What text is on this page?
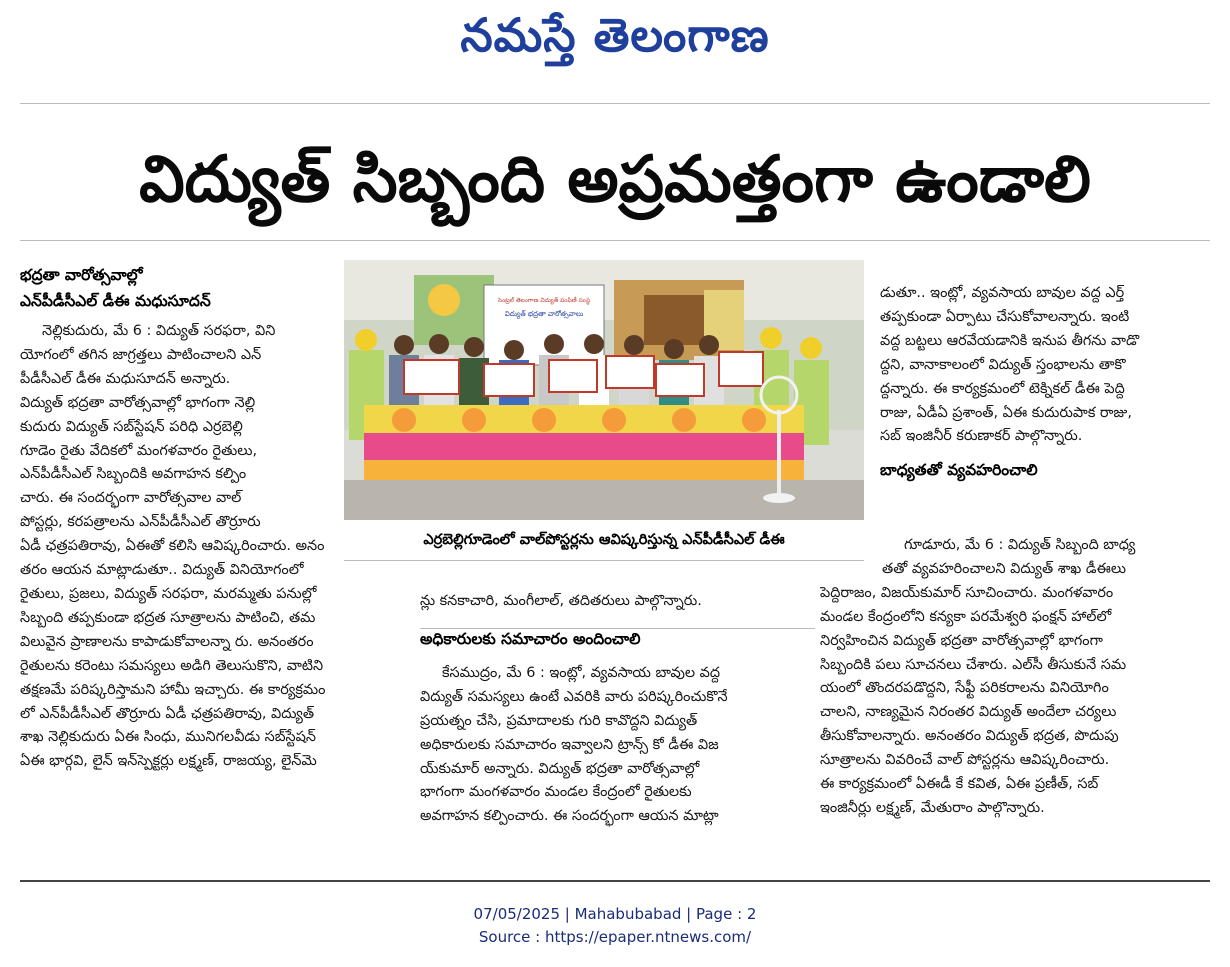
నమస్తే తెలంగాణ
విద్యుత్ సిబ్బంది అప్రమత్తంగా ఉండాలి
భద్రతా వారోత్సవాల్లో
ఎన్‌పీడీసీఎల్ డీఈ మధుసూదన్
నెల్లికుదురు, మే 6 : విద్యుత్ సరఫరా, విని
యోగంలో తగిన జాగ్రత్తలు పాటించాలని ఎన్
పీడీసీఎల్ డీఈ మధుసూదన్ అన్నారు.
విద్యుత్ భద్రతా వారోత్సవాల్లో భాగంగా నెల్లి
కుదురు విద్యుత్ సబ్‌స్టేషన్ పరిధి ఎర్రబెల్లి
గూడెం రైతు వేదికలో మంగళవారం రైతులు,
ఎన్‌పీడీసీఎల్ సిబ్బందికి అవగాహన కల్పిం
చారు. ఈ సందర్భంగా వారోత్సవాల వాల్
పోస్టర్లు, కరపత్రాలను ఎన్‌పీడీసీఎల్ తొర్రూరు
ఏడీ ఛత్రపతిరావు, ఏఈతో కలిసి ఆవిష్కరించారు. అనం
తరం ఆయన మాట్లాడుతూ.. విద్యుత్ వినియోగంలో
రైతులు, ప్రజలు, విద్యుత్ సరఫరా, మరమ్మతు పనుల్లో
సిబ్బంది తప్పకుండా భద్రత సూత్రాలను పాటించి, తమ
విలువైన ప్రాణాలను కాపాడుకోవాలన్నా రు. అనంతరం
రైతులను కరెంటు సమస్యలు అడిగి తెలుసుకొని, వాటిని
తక్షణమే పరిష్కరిస్తామని హామీ ఇచ్చారు. ఈ కార్యక్రమం
లో ఎన్‌పీడీసీఎల్ తొర్రూరు ఏడీ ఛత్రపతిరావు, విద్యుత్
శాఖ నెల్లికుదురు ఏఈ సింధు, మునిగలవీడు సబ్‌స్టేషన్
ఏఈ భార్గవి, లైన్ ఇన్‌స్పెక్టర్లు లక్ష్మణ్, రాజయ్య, లైన్‌మె
సెంట్రల్ తెలంగాణ విద్యుత్ పంపిణీ సంస్థ
విద్యుత్ భద్రతా వారోత్సవాలు
ఎర్రబెల్లిగూడెంలో వాల్‌పోస్టర్లను ఆవిష్కరిస్తున్న ఎన్‌పీడీసీఎల్ డీఈ
న్లు కనకాచారి, మంగీలాల్, తదితరులు పాల్గొన్నారు.
అధికారులకు సమాచారం అందించాలి
కేసముద్రం, మే 6 : ఇంట్లో, వ్యవసాయ బావుల వద్ద
విద్యుత్ సమస్యలు ఉంటే ఎవరికి వారు పరిష్కరించుకొనే
ప్రయత్నం చేసి, ప్రమాదాలకు గురి కావొద్దని విద్యుత్
అధికారులకు సమాచారం ఇవ్వాలని ట్రాన్స్ కో డీఈ విజ
య్‌కుమార్ అన్నారు. విద్యుత్ భద్రతా వారోత్సవాల్లో
భాగంగా మంగళవారం మండల కేంద్రంలో రైతులకు
అవగాహన కల్పించారు. ఈ సందర్భంగా ఆయన మాట్లా
డుతూ.. ఇంట్లో, వ్యవసాయ బావుల వద్ద ఎర్త్
తప్పకుండా ఏర్పాటు చేసుకోవాలన్నారు. ఇంటి
వద్ద బట్టలు ఆరవేయడానికి ఇనుప తీగను వాడొ
ద్దని, వానాకాలంలో విద్యుత్ స్తంభాలను తాకొ
ద్దన్నారు. ఈ కార్యక్రమంలో టెక్నికల్ డీఈ పెద్ది
రాజు, ఏడీఏ ప్రశాంత్, ఏఈ కుదురుపాక రాజు,
సబ్ ఇంజినీర్ కరుణాకర్ పాల్గొన్నారు.
బాధ్యతతో వ్యవహరించాలి
గూడూరు, మే 6 : విద్యుత్ సిబ్బంది బాధ్య
తతో వ్యవహరించాలని విద్యుత్ శాఖ డీఈలు
పెద్దిరాజం, విజయ్‌కుమార్ సూచించారు. మంగళవారం
మండల కేంద్రంలోని కన్యకా పరమేశ్వరి ఫంక్షన్ హాల్‌లో
నిర్వహించిన విద్యుత్ భద్రతా వారోత్సవాల్లో భాగంగా
సిబ్బందికి పలు సూచనలు చేశారు. ఎల్‌సీ తీసుకునే సమ
యంలో తొందరపడొద్దని, సేఫ్టీ పరికరాలను వినియోగిం
చాలని, నాణ్యమైన నిరంతర విద్యుత్ అందేలా చర్యలు
తీసుకోవాలన్నారు. అనంతరం విద్యుత్ భద్రత, పొదుపు
సూత్రాలను వివరించే వాల్ పోస్టర్లను ఆవిష్కరించారు.
ఈ కార్యక్రమంలో ఏఈడీ కే కవిత, ఏఈ ప్రణీత్, సబ్
ఇంజినీర్లు లక్ష్మణ్, మేతురాం పాల్గొన్నారు.
07/05/2025 | Mahabubabad | Page : 2
Source : https://epaper.ntnews.com/
